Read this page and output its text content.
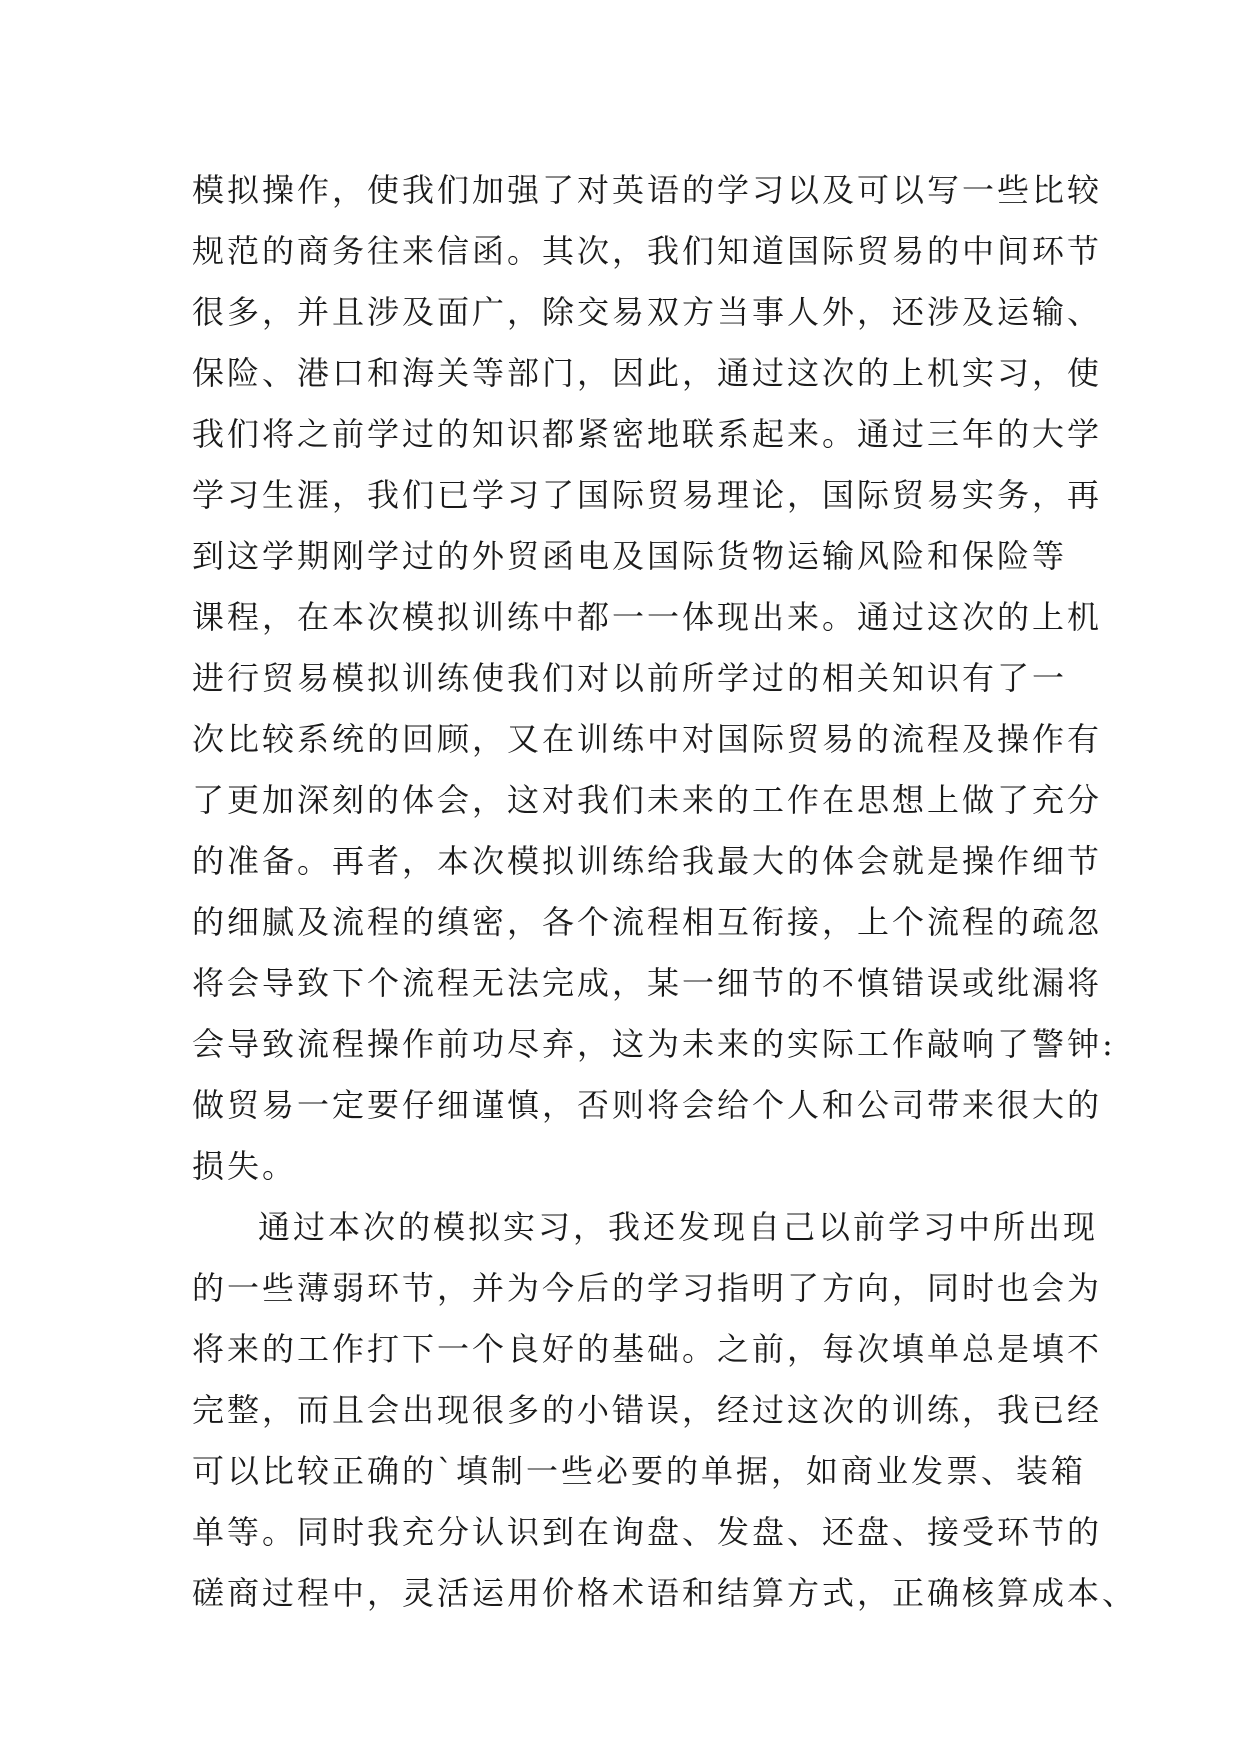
模拟操作，使我们加强了对英语的学习以及可以写一些比较
规范的商务往来信函。其次，我们知道国际贸易的中间环节
很多，并且涉及面广，除交易双方当事人外，还涉及运输、
保险、港口和海关等部门，因此，通过这次的上机实习，使
我们将之前学过的知识都紧密地联系起来。通过三年的大学
学习生涯，我们已学习了国际贸易理论，国际贸易实务，再
到这学期刚学过的外贸函电及国际货物运输风险和保险等
课程，在本次模拟训练中都一一体现出来。通过这次的上机
进行贸易模拟训练使我们对以前所学过的相关知识有了一
次比较系统的回顾，又在训练中对国际贸易的流程及操作有
了更加深刻的体会，这对我们未来的工作在思想上做了充分
的准备。再者，本次模拟训练给我最大的体会就是操作细节
的细腻及流程的缜密，各个流程相互衔接，上个流程的疏忽
将会导致下个流程无法完成，某一细节的不慎错误或纰漏将
会导致流程操作前功尽弃，这为未来的实际工作敲响了警钟:
做贸易一定要仔细谨慎，否则将会给个人和公司带来很大的
损失。
通过本次的模拟实习，我还发现自己以前学习中所出现
的一些薄弱环节，并为今后的学习指明了方向，同时也会为
将来的工作打下一个良好的基础。之前，每次填单总是填不
完整，而且会出现很多的小错误，经过这次的训练，我已经
可以比较正确的`填制一些必要的单据，如商业发票、装箱
单等。同时我充分认识到在询盘、发盘、还盘、接受环节的
磋商过程中，灵活运用价格术语和结算方式，正确核算成本、
